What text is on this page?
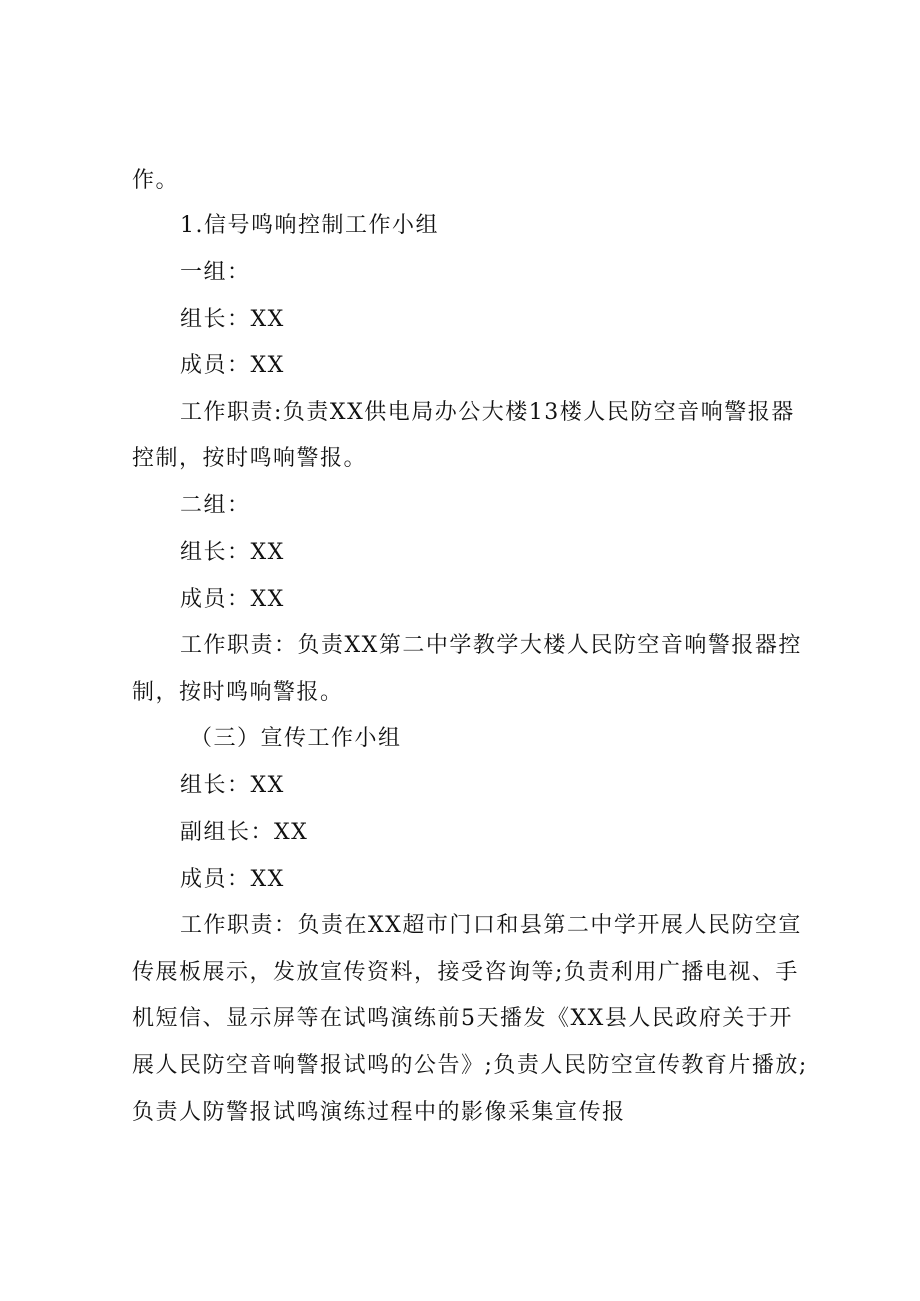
作。
1.信号鸣响控制工作小组
一组：
组长：XX
成员：XX
工作职责:负责XX供电局办公大楼13楼人民防空音响警报器
控制，按时鸣响警报。
二组：
组长：XX
成员：XX
工作职责：负责XX第二中学教学大楼人民防空音响警报器控
制，按时鸣响警报。
（三）宣传工作小组
组长：XX
副组长：XX
成员：XX
工作职责：负责在XX超市门口和县第二中学开展人民防空宣
传展板展示，发放宣传资料，接受咨询等;负责利用广播电视、手
机短信、显示屏等在试鸣演练前5天播发《XX县人民政府关于开
展人民防空音响警报试鸣的公告》;负责人民防空宣传教育片播放;
负责人防警报试鸣演练过程中的影像采集宣传报
